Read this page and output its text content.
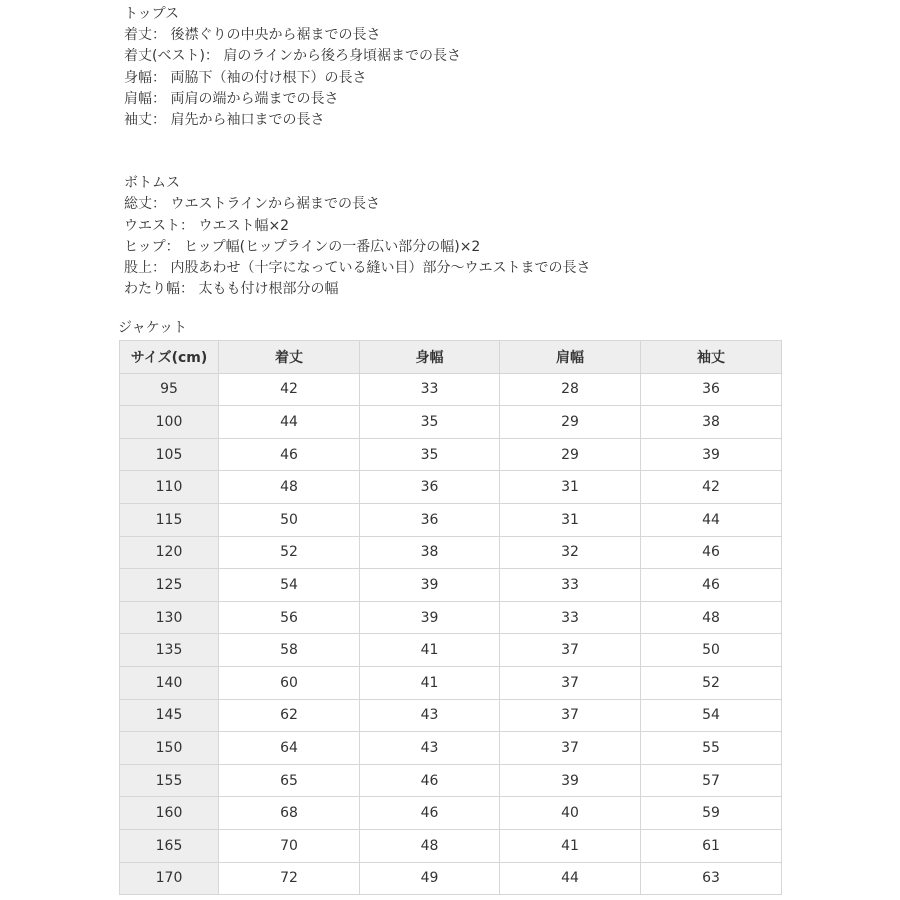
トップス
着丈： 後襟ぐりの中央から裾までの長さ
着丈(ベスト)： 肩のラインから後ろ身頃裾までの長さ
身幅： 両脇下（袖の付け根下）の長さ
肩幅： 両肩の端から端までの長さ
袖丈： 肩先から袖口までの長さ
ボトムス
総丈： ウエストラインから裾までの長さ
ウエスト： ウエスト幅×2
ヒップ： ヒップ幅(ヒップラインの一番広い部分の幅)×2
股上： 内股あわせ（十字になっている縫い目）部分～ウエストまでの長さ
わたり幅： 太もも付け根部分の幅
ジャケット
サイズ(cm)	着丈	身幅	肩幅	袖丈
95	42	33	28	36
100	44	35	29	38
105	46	35	29	39
110	48	36	31	42
115	50	36	31	44
120	52	38	32	46
125	54	39	33	46
130	56	39	33	48
135	58	41	37	50
140	60	41	37	52
145	62	43	37	54
150	64	43	37	55
155	65	46	39	57
160	68	46	40	59
165	70	48	41	61
170	72	49	44	63
